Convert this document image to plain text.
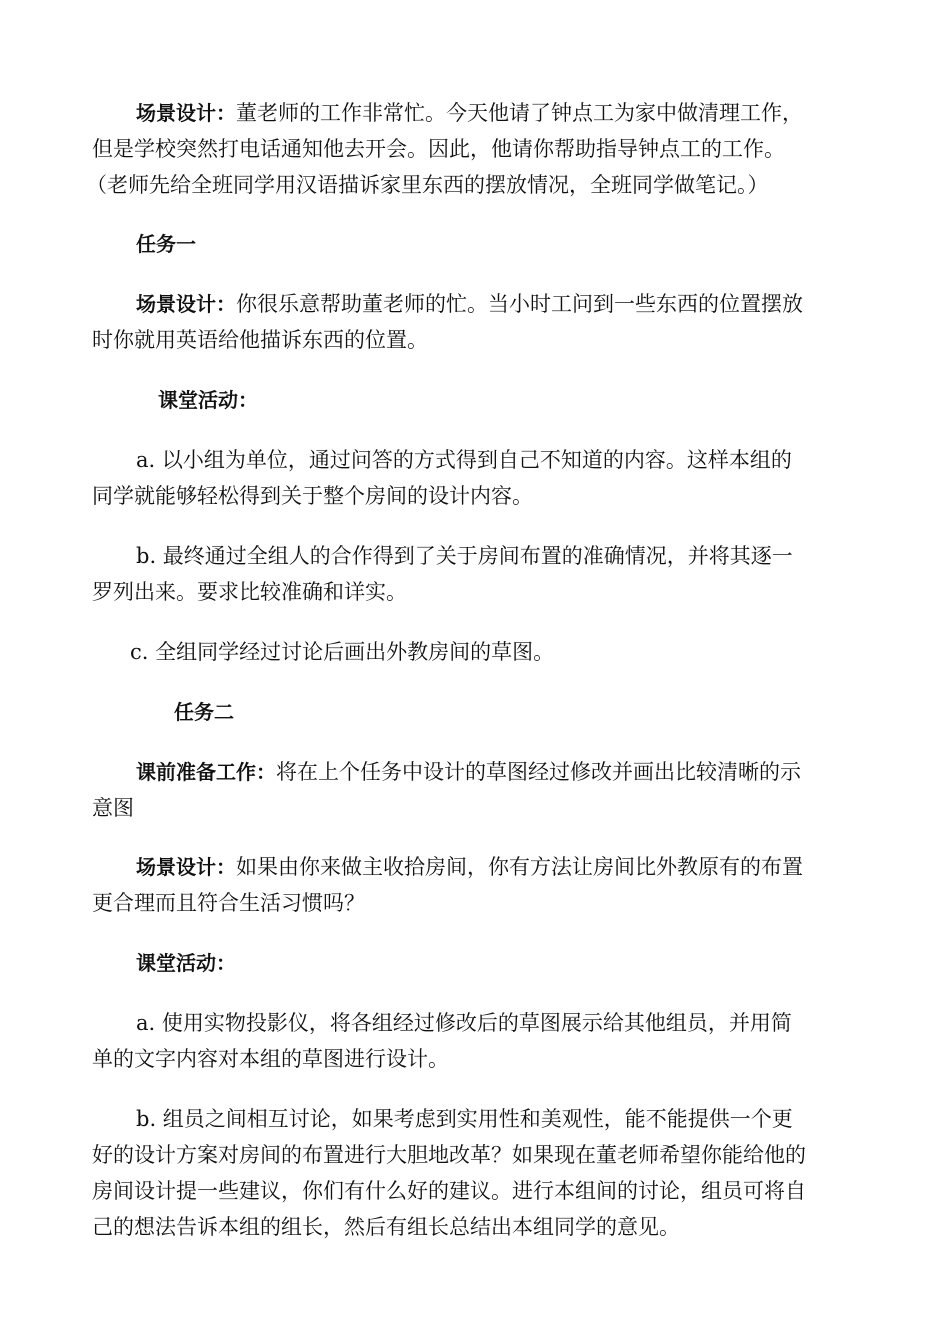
场景设计：董老师的工作非常忙。今天他请了钟点工为家中做清理工作，
但是学校突然打电话通知他去开会。因此，他请你帮助指导钟点工的工作。
（老师先给全班同学用汉语描诉家里东西的摆放情况，全班同学做笔记。）
任务一
场景设计：你很乐意帮助董老师的忙。当小时工问到一些东西的位置摆放
时你就用英语给他描诉东西的位置。
课堂活动：
a. 以小组为单位，通过问答的方式得到自己不知道的内容。这样本组的
同学就能够轻松得到关于整个房间的设计内容。
b. 最终通过全组人的合作得到了关于房间布置的准确情况，并将其逐一
罗列出来。要求比较准确和详实。
c. 全组同学经过讨论后画出外教房间的草图。
任务二
课前准备工作：将在上个任务中设计的草图经过修改并画出比较清晰的示
意图
场景设计：如果由你来做主收拾房间，你有方法让房间比外教原有的布置
更合理而且符合生活习惯吗？
课堂活动：
a. 使用实物投影仪，将各组经过修改后的草图展示给其他组员，并用简
单的文字内容对本组的草图进行设计。
b. 组员之间相互讨论，如果考虑到实用性和美观性，能不能提供一个更
好的设计方案对房间的布置进行大胆地改革？如果现在董老师希望你能给他的
房间设计提一些建议，你们有什么好的建议。进行本组间的讨论，组员可将自
己的想法告诉本组的组长，然后有组长总结出本组同学的意见。
